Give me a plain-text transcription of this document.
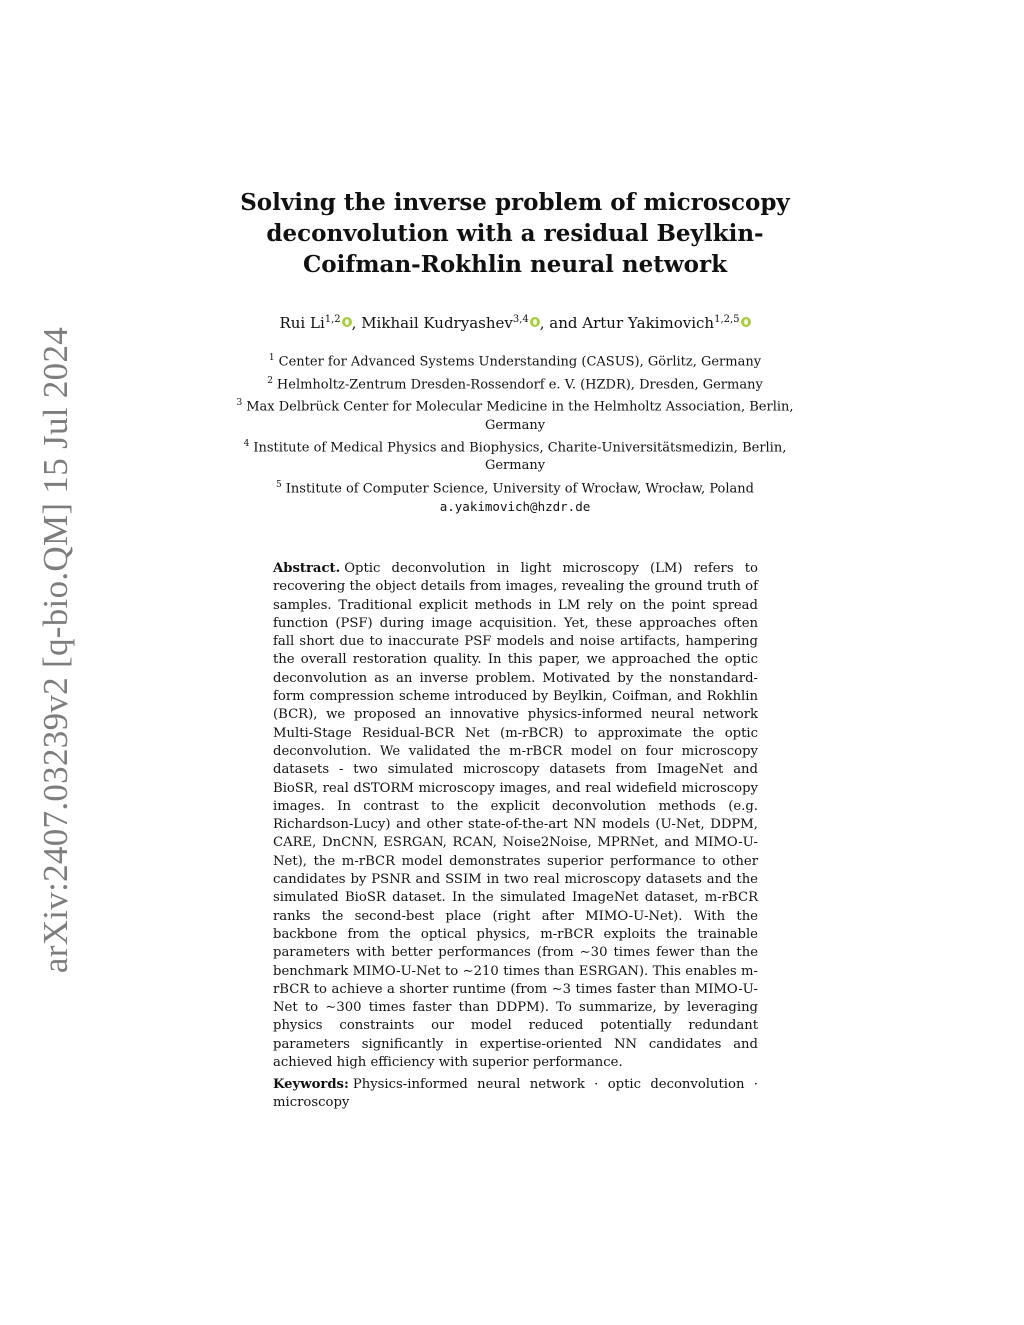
arXiv:2407.03239v2 [q-bio.QM] 15 Jul 2024
Solving the inverse problem of microscopy deconvolution with a residual Beylkin-Coifman-Rokhlin neural network
Rui Li$^{1,2}$ , Mikhail Kudryashev$^{3,4}$ , and Artur Yakimovich$^{1,2,5}$
$^1$ Center for Advanced Systems Understanding (CASUS), Görlitz, Germany
$^2$ Helmholtz-Zentrum Dresden-Rossendorf e. V. (HZDR), Dresden, Germany
$^3$ Max Delbrück Center for Molecular Medicine in the Helmholtz Association, Berlin, Germany
$^4$ Institute of Medical Physics and Biophysics, Charite-Universitätsmedizin, Berlin, Germany
$^5$ Institute of Computer Science, University of Wrocław, Wrocław, Poland
a.yakimovich@hzdr.de

Abstract. Optic deconvolution in light microscopy (LM) refers to recovering the object details from images, revealing the ground truth of samples. Traditional explicit methods in LM rely on the point spread function (PSF) during image acquisition. Yet, these approaches often fall short due to inaccurate PSF models and noise artifacts, hampering the overall restoration quality. In this paper, we approached the optic deconvolution as an inverse problem. Motivated by the nonstandard-form compression scheme introduced by Beylkin, Coifman, and Rokhlin (BCR), we proposed an innovative physics-informed neural network Multi-Stage Residual-BCR Net (m-rBCR) to approximate the optic deconvolution. We validated the m-rBCR model on four microscopy datasets - two simulated microscopy datasets from ImageNet and BioSR, real dSTORM microscopy images, and real widefield microscopy images. In contrast to the explicit deconvolution methods (e.g. Richardson-Lucy) and other state-of-the-art NN models (U-Net, DDPM, CARE, DnCNN, ESRGAN, RCAN, Noise2Noise, MPRNet, and MIMO-U-Net), the m-rBCR model demonstrates superior performance to other candidates by PSNR and SSIM in two real microscopy datasets and the simulated BioSR dataset. In the simulated ImageNet dataset, m-rBCR ranks the second-best place (right after MIMO-U-Net). With the backbone from the optical physics, m-rBCR exploits the trainable parameters with better performances (from ∼30 times fewer than the benchmark MIMO-U-Net to ∼210 times than ESRGAN). This enables m-rBCR to achieve a shorter runtime (from ∼3 times faster than MIMO-U-Net to ∼300 times faster than DDPM). To summarize, by leveraging physics constraints our model reduced potentially redundant parameters significantly in expertise-oriented NN candidates and achieved high efficiency with superior performance.

Keywords: Physics-informed neural network · optic deconvolution · microscopy
